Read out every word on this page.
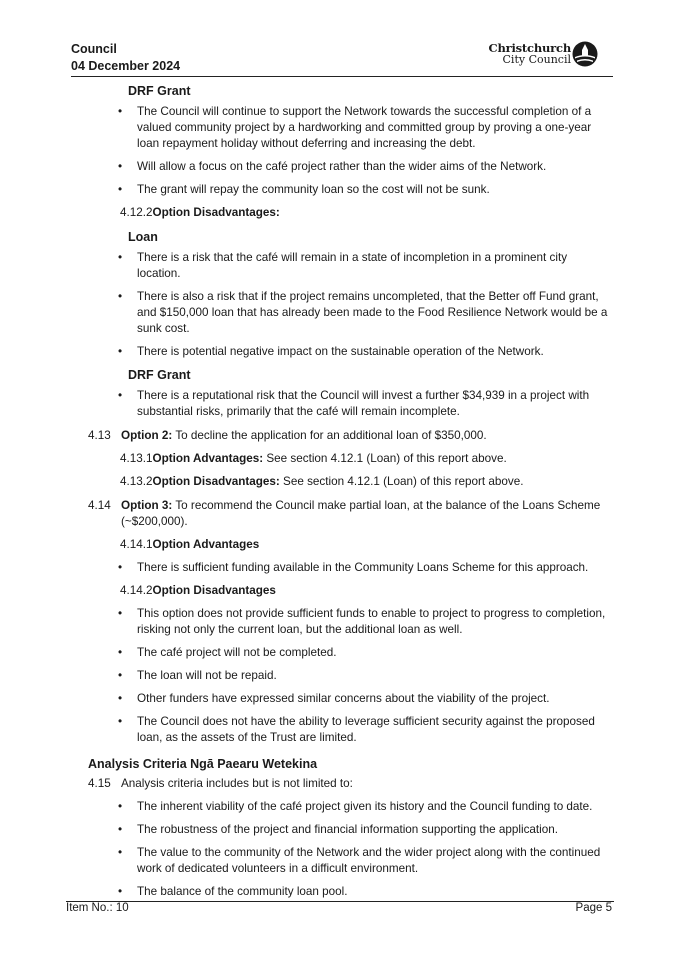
Council
04 December 2024
Christchurch
City Council
DRF Grant
• The Council will continue to support the Network towards the successful completion of a valued community project by a hardworking and committed group by proving a one-year loan repayment holiday without deferring and increasing the debt.
• Will allow a focus on the café project rather than the wider aims of the Network.
• The grant will repay the community loan so the cost will not be sunk.
4.12.2Option Disadvantages:
Loan
• There is a risk that the café will remain in a state of incompletion in a prominent city location.
• There is also a risk that if the project remains uncompleted, that the Better off Fund grant, and $150,000 loan that has already been made to the Food Resilience Network would be a sunk cost.
• There is potential negative impact on the sustainable operation of the Network.
DRF Grant
• There is a reputational risk that the Council will invest a further $34,939 in a project with substantial risks, primarily that the café will remain incomplete.
4.13 Option 2: To decline the application for an additional loan of $350,000.
4.13.1Option Advantages: See section 4.12.1 (Loan) of this report above.
4.13.2Option Disadvantages: See section 4.12.1 (Loan) of this report above.
4.14 Option 3: To recommend the Council make partial loan, at the balance of the Loans Scheme (~$200,000).
4.14.1Option Advantages
• There is sufficient funding available in the Community Loans Scheme for this approach.
4.14.2Option Disadvantages
• This option does not provide sufficient funds to enable to project to progress to completion, risking not only the current loan, but the additional loan as well.
• The café project will not be completed.
• The loan will not be repaid.
• Other funders have expressed similar concerns about the viability of the project.
• The Council does not have the ability to leverage sufficient security against the proposed loan, as the assets of the Trust are limited.
Analysis Criteria Ngā Paearu Wetekina
4.15 Analysis criteria includes but is not limited to:
• The inherent viability of the café project given its history and the Council funding to date.
• The robustness of the project and financial information supporting the application.
• The value to the community of the Network and the wider project along with the continued work of dedicated volunteers in a difficult environment.
• The balance of the community loan pool.
Item No.: 10	Page 5
